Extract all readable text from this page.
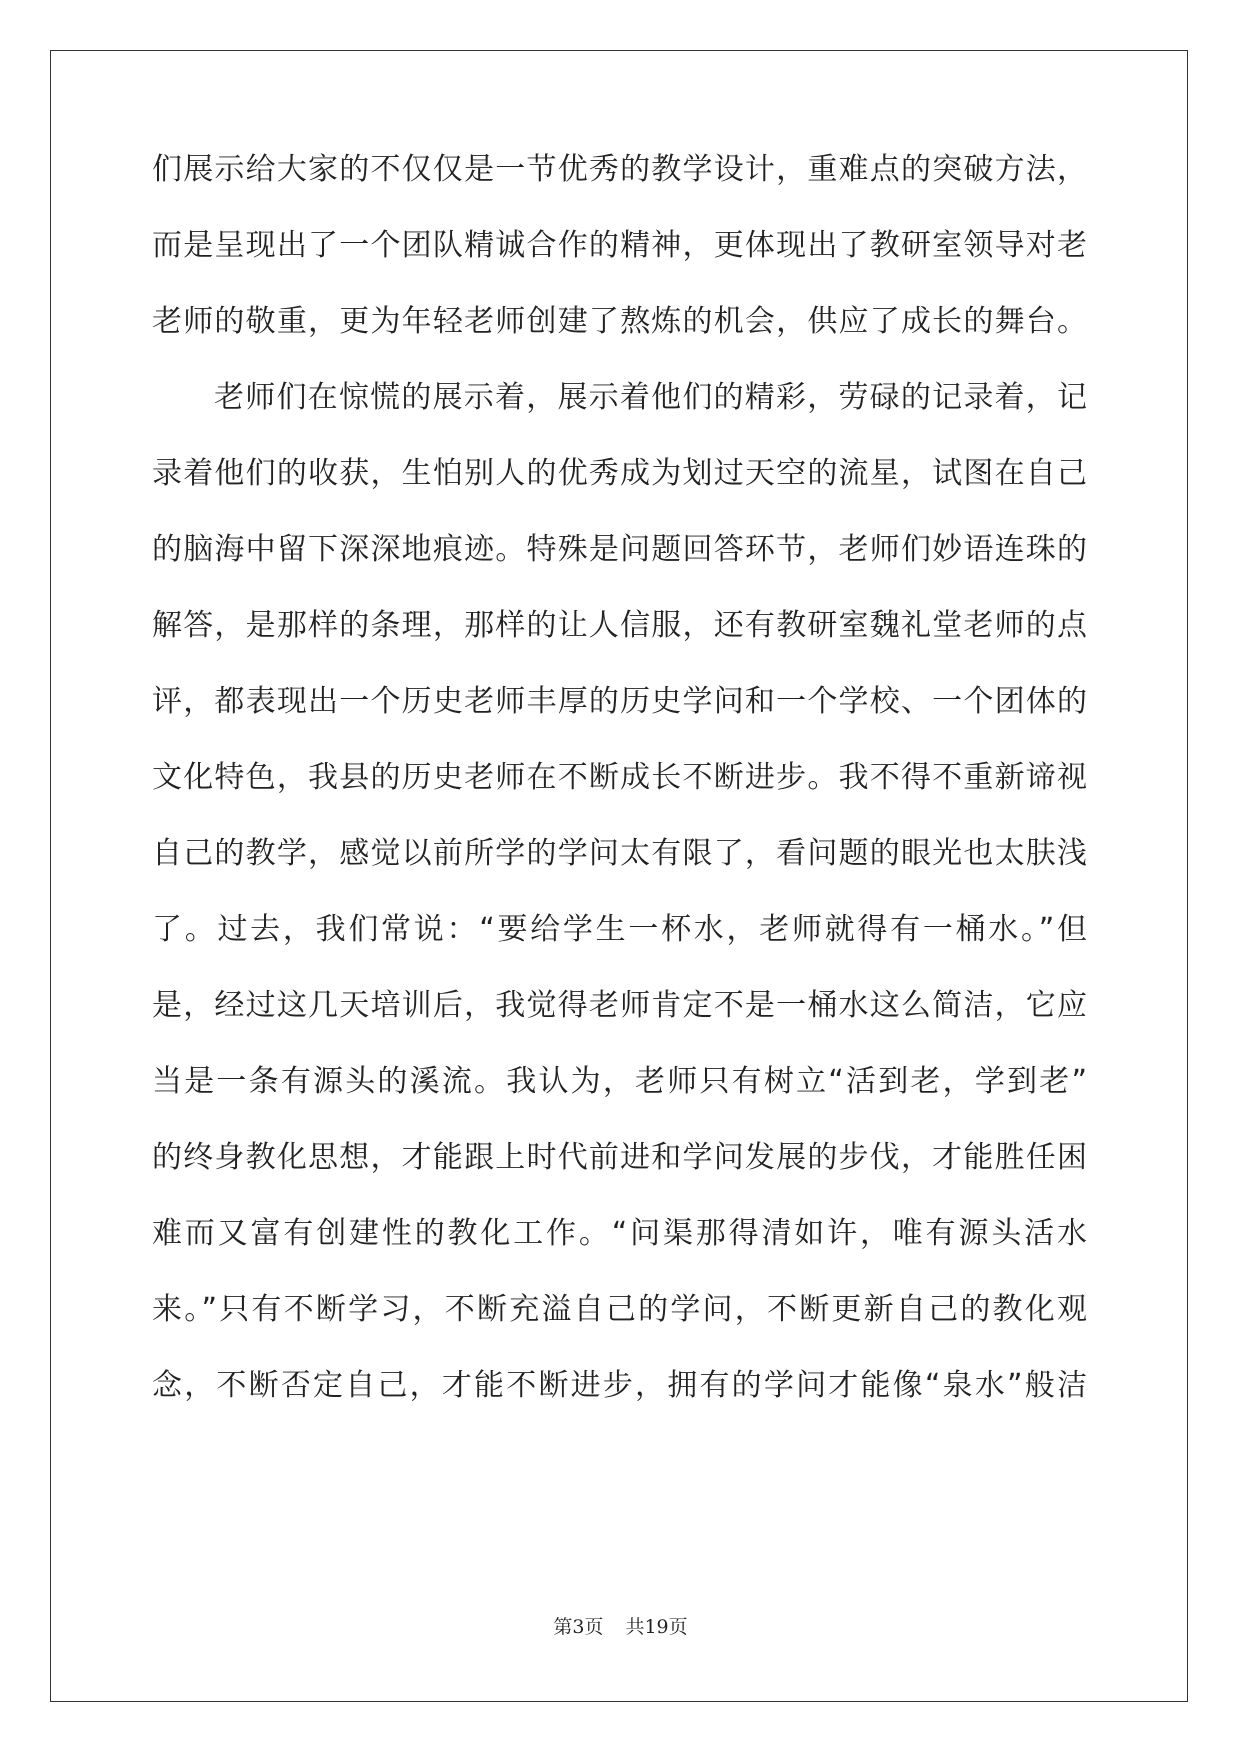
们展示给大家的不仅仅是一节优秀的教学设计，重难点的突破方法，
而是呈现出了一个团队精诚合作的精神，更体现出了教研室领导对老
老师的敬重，更为年轻老师创建了熬炼的机会，供应了成长的舞台。
老师们在惊慌的展示着，展示着他们的精彩，劳碌的记录着，记
录着他们的收获，生怕别人的优秀成为划过天空的流星，试图在自己
的脑海中留下深深地痕迹。特殊是问题回答环节，老师们妙语连珠的
解答，是那样的条理，那样的让人信服，还有教研室魏礼堂老师的点
评，都表现出一个历史老师丰厚的历史学问和一个学校、一个团体的
文化特色，我县的历史老师在不断成长不断进步。我不得不重新谛视
自己的教学，感觉以前所学的学问太有限了，看问题的眼光也太肤浅
了。过去，我们常说：“要给学生一杯水，老师就得有一桶水。”但
是，经过这几天培训后，我觉得老师肯定不是一桶水这么简洁，它应
当是一条有源头的溪流。我认为，老师只有树立“活到老，学到老”
的终身教化思想，才能跟上时代前进和学问发展的步伐，才能胜任困
难而又富有创建性的教化工作。“问渠那得清如许，唯有源头活水
来。”只有不断学习，不断充溢自己的学问，不断更新自己的教化观
念，不断否定自己，才能不断进步，拥有的学问才能像“泉水”般洁
第3页 共19页
